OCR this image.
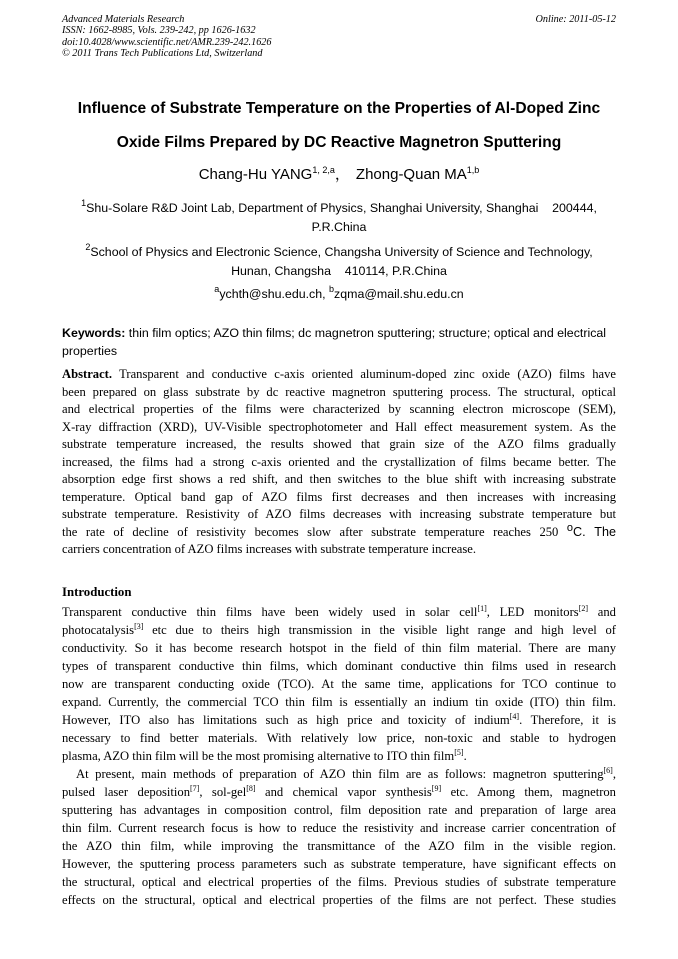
Advanced Materials Research
ISSN: 1662-8985, Vols. 239-242, pp 1626-1632
doi:10.4028/www.scientific.net/AMR.239-242.1626
© 2011 Trans Tech Publications Ltd, Switzerland
Online: 2011-05-12
Influence of Substrate Temperature on the Properties of Al-Doped Zinc
Oxide Films Prepared by DC Reactive Magnetron Sputtering
Chang-Hu YANG$^{1, 2,a}$， Zhong-Quan MA$^{1,b}$
$^1$Shu-Solare R&D Joint Lab, Department of Physics, Shanghai University, Shanghai    200444,
P.R.China
$^2$School of Physics and Electronic Science, Changsha University of Science and Technology,
Hunan, Changsha    410114, P.R.China
$^a$ychth@shu.edu.ch, $^b$zqma@mail.shu.edu.cn
Keywords: thin film optics; AZO thin films; dc magnetron sputtering; structure; optical and electrical
properties
Abstract. Transparent and conductive c-axis oriented aluminum-doped zinc oxide (AZO) films have
been prepared on glass substrate by dc reactive magnetron sputtering process. The structural, optical
and electrical properties of the films were characterized by scanning electron microscope (SEM),
X-ray diffraction (XRD), UV-Visible spectrophotometer and Hall effect measurement system. As the
substrate temperature increased, the results showed that grain size of the AZO films gradually
increased, the films had a strong c-axis oriented and the crystallization of films became better. The
absorption edge first shows a red shift, and then switches to the blue shift with increasing substrate
temperature. Optical band gap of AZO films first decreases and then increases with increasing
substrate temperature. Resistivity of AZO films decreases with increasing substrate temperature but
the rate of decline of resistivity becomes slow after substrate temperature reaches 250 oC. The
carriers concentration of AZO films increases with substrate temperature increase.
Introduction
Transparent conductive thin films have been widely used in solar cell[1], LED monitors[2] and
photocatalysis[3] etc due to theirs high transmission in the visible light range and high level of
conductivity. So it has become research hotspot in the field of thin film material. There are many
types of transparent conductive thin films, which dominant conductive thin films used in research
now are transparent conducting oxide (TCO). At the same time, applications for TCO continue to
expand. Currently, the commercial TCO thin film is essentially an indium tin oxide (ITO) thin film.
However, ITO also has limitations such as high price and toxicity of indium[4]. Therefore, it is
necessary to find better materials. With relatively low price, non-toxic and stable to hydrogen
plasma, AZO thin film will be the most promising alternative to ITO thin film[5].
At present, main methods of preparation of AZO thin film are as follows: magnetron sputtering[6],
pulsed laser deposition[7], sol-gel[8] and chemical vapor synthesis[9] etc. Among them, magnetron
sputtering has advantages in composition control, film deposition rate and preparation of large area
thin film. Current research focus is how to reduce the resistivity and increase carrier concentration of
the AZO thin film, while improving the transmittance of the AZO film in the visible region.
However, the sputtering process parameters such as substrate temperature, have significant effects on
the structural, optical and electrical properties of the films. Previous studies of substrate temperature
effects on the structural, optical and electrical properties of the films are not perfect. These studies
